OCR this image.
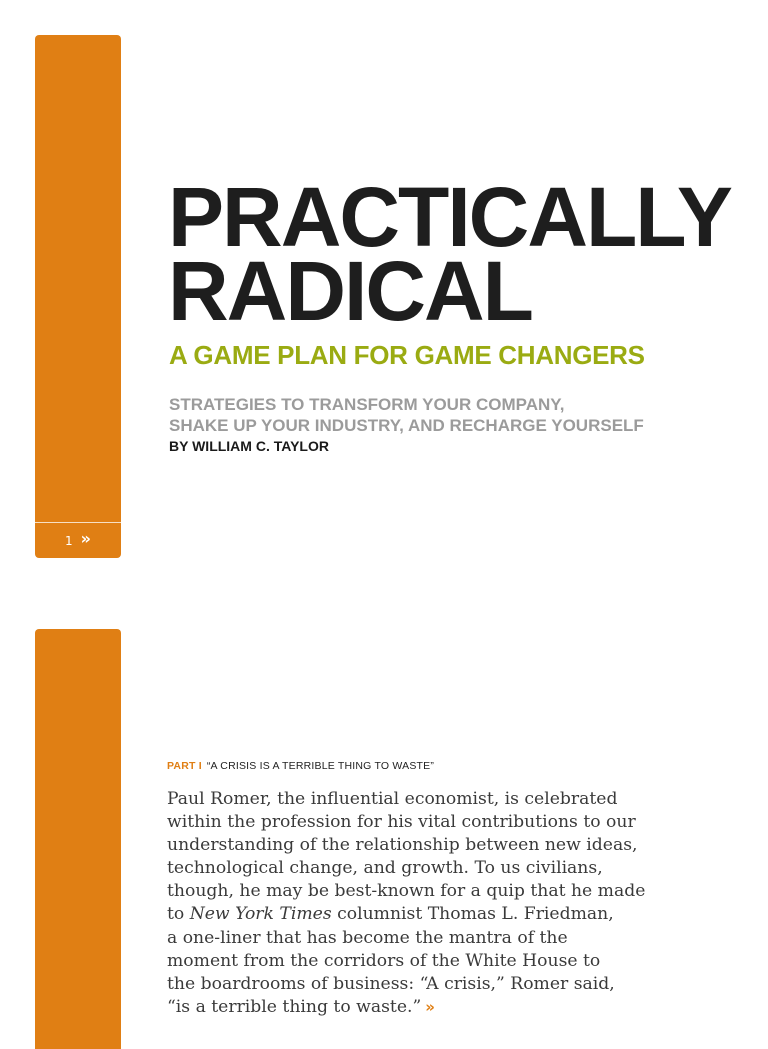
1 »
PRACTICALLY
RADICAL
A GAME PLAN FOR GAME CHANGERS

STRATEGIES TO TRANSFORM YOUR COMPANY,
SHAKE UP YOUR INDUSTRY, AND RECHARGE YOURSELF

BY WILLIAM C. TAYLOR

PART I “A CRISIS IS A TERRIBLE THING TO WASTE”

Paul Romer, the influential economist, is celebrated
within the profession for his vital contributions to our
understanding of the relationship between new ideas,
technological change, and growth. To us civilians,
though, he may be best-known for a quip that he made
to New York Times columnist Thomas L. Friedman,
a one-liner that has become the mantra of the
moment from the corridors of the White House to
the boardrooms of business: “A crisis,” Romer said,
“is a terrible thing to waste.” »
